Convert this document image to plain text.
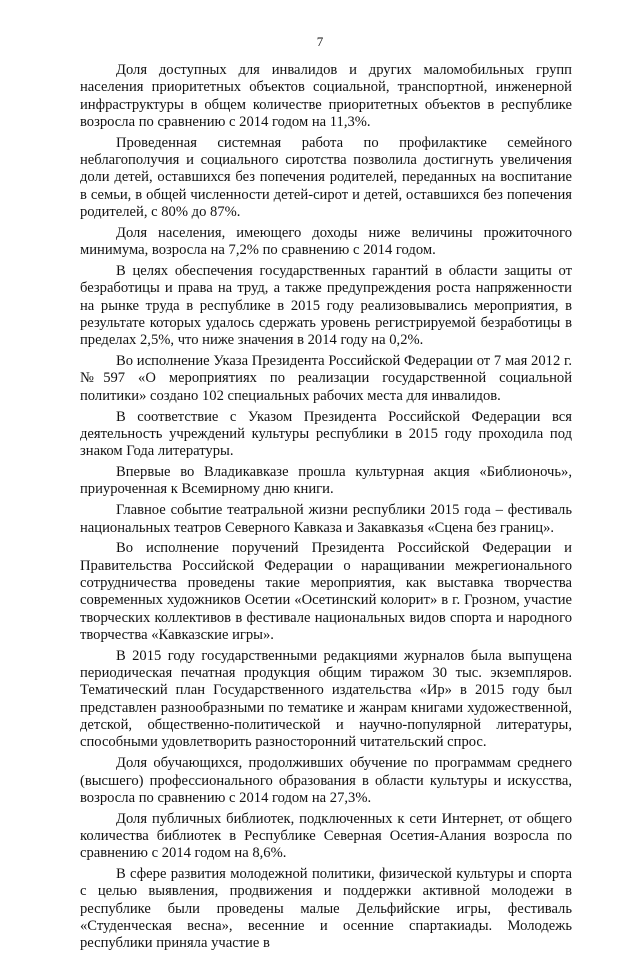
7

Доля доступных для инвалидов и других маломобильных групп населения приоритетных объектов социальной, транспортной, инженерной инфраструктуры в общем количестве приоритетных объектов в республике возросла по сравнению с 2014 годом на 11,3%.

Проведенная системная работа по профилактике семейного неблагополучия и социального сиротства позволила достигнуть увеличения доли детей, оставшихся без попечения родителей, переданных на воспитание в семьи, в общей численности детей-сирот и детей, оставшихся без попечения родителей, с 80% до 87%.

Доля населения, имеющего доходы ниже величины прожиточного минимума, возросла на 7,2% по сравнению с 2014 годом.

В целях обеспечения государственных гарантий в области защиты от безработицы и права на труд, а также предупреждения роста напряженности на рынке труда в республике в 2015 году реализовывались мероприятия, в результате которых удалось сдержать уровень регистрируемой безработицы в пределах 2,5%, что ниже значения в 2014 году на 0,2%.

Во исполнение Указа Президента Российской Федерации от 7 мая 2012 г. №597 «О мероприятиях по реализации государственной социальной политики» создано 102 специальных рабочих места для инвалидов.

В соответствие с Указом Президента Российской Федерации вся деятельность учреждений культуры республики в 2015 году проходила под знаком Года литературы.

Впервые во Владикавказе прошла культурная акция «Библионочь», приуроченная к Всемирному дню книги.

Главное событие театральной жизни республики 2015 года – фестиваль национальных театров Северного Кавказа и Закавказья «Сцена без границ».

Во исполнение поручений Президента Российской Федерации и Правительства Российской Федерации о наращивании межрегионального сотрудничества проведены такие мероприятия, как выставка творчества современных художников Осетии «Осетинский колорит» в г. Грозном, участие творческих коллективов в фестивале национальных видов спорта и народного творчества «Кавказские игры».

В 2015 году государственными редакциями журналов была выпущена периодическая печатная продукция общим тиражом 30 тыс. экземпляров. Тематический план Государственного издательства «Ир» в 2015 году был представлен разнообразными по тематике и жанрам книгами художественной, детской, общественно-политической и научно-популярной литературы, способными удовлетворить разносторонний читательский спрос.

Доля обучающихся, продолживших обучение по программам среднего (высшего) профессионального образования в области культуры и искусства, возросла по сравнению с 2014 годом на 27,3%.

Доля публичных библиотек, подключенных к сети Интернет, от общего количества библиотек в Республике Северная Осетия-Алания возросла по сравнению с 2014 годом на 8,6%.

В сфере развития молодежной политики, физической культуры и спорта с целью выявления, продвижения и поддержки активной молодежи в республике были проведены малые Дельфийские игры, фестиваль «Студенческая весна», весенние и осенние спартакиады. Молодежь республики приняла участие в
